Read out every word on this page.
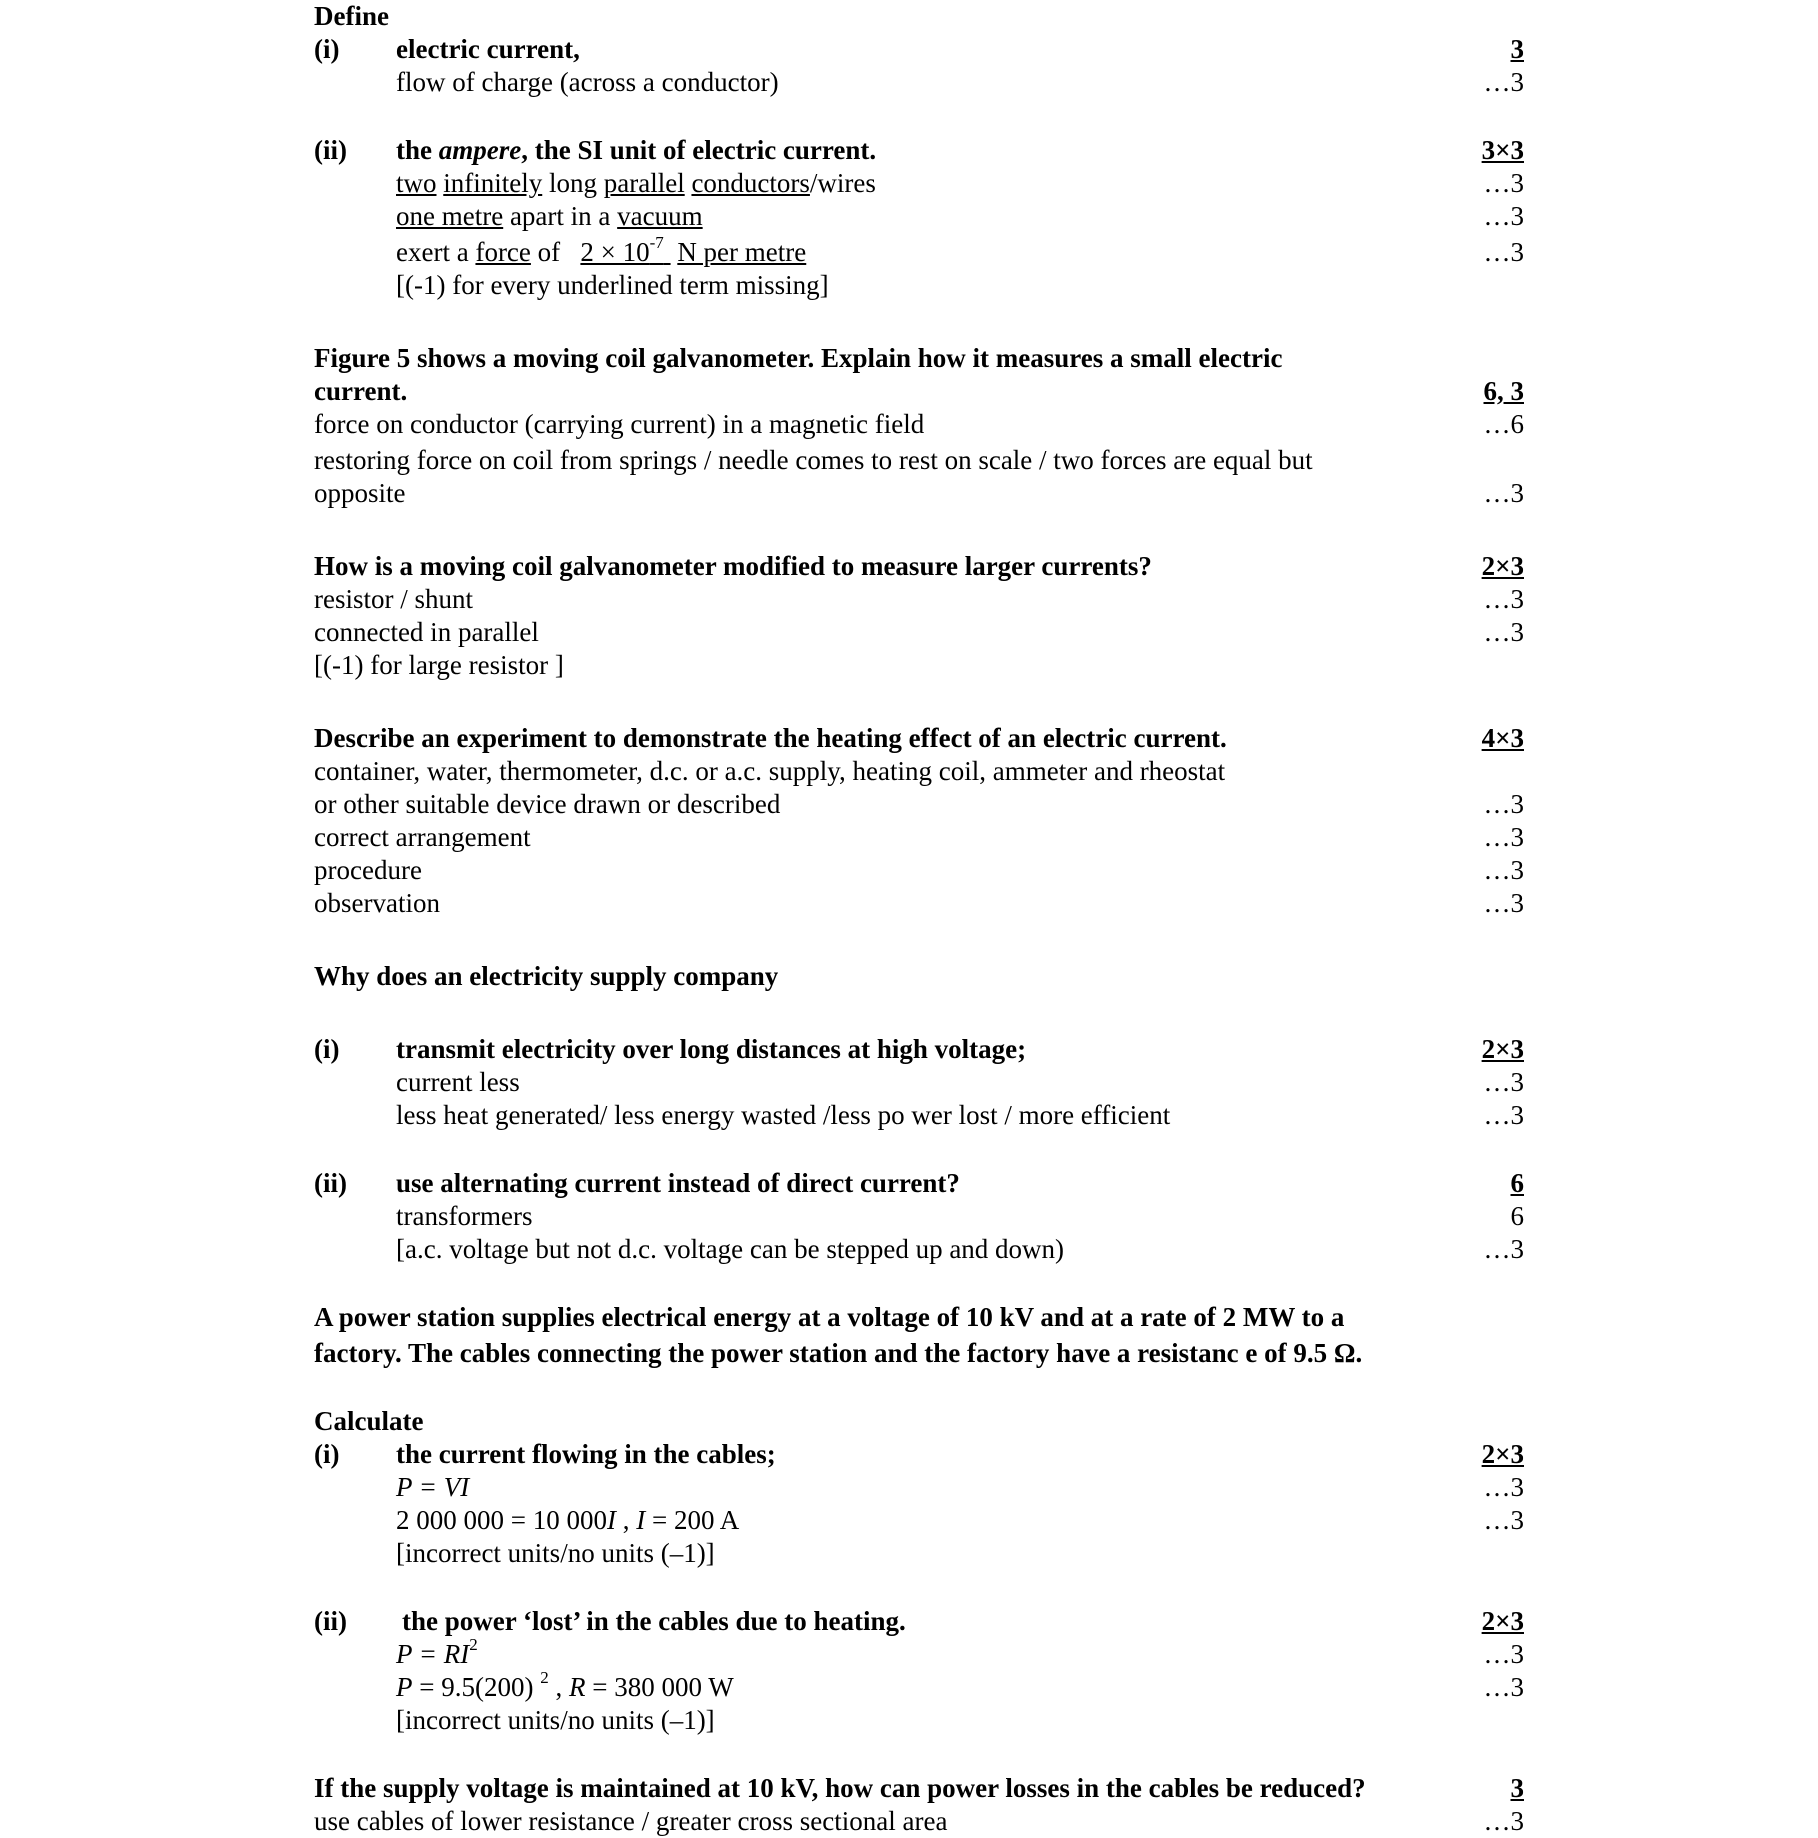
Define
(i) electric current,	3
flow of charge (across a conductor)	…3
(ii) the ampere, the SI unit of electric current.	3×3
two infinitely long parallel conductors/wires	…3
one metre apart in a vacuum	…3
exert a force of $2 \times 10^{-7}$ N per metre	…3
[(-1) for every underlined term missing]
Figure 5 shows a moving coil galvanometer. Explain how it measures a small electric
current.	6, 3
force on conductor (carrying current) in a magnetic field	…6
restoring force on coil from springs / needle comes to rest on scale / two forces are equal but
opposite	…3
How is a moving coil galvanometer modified to measure larger currents?	2×3
resistor / shunt	…3
connected in parallel	…3
[(-1) for large resistor ]
Describe an experiment to demonstrate the heating effect of an electric current.	4×3
container, water, thermometer, d.c. or a.c. supply, heating coil, ammeter and rheostat
or other suitable device drawn or described	…3
correct arrangement	…3
procedure	…3
observation	…3
Why does an electricity supply company
(i) transmit electricity over long distances at high voltage;	2×3
current less	…3
less heat generated/ less energy wasted /less po wer lost / more efficient	…3
(ii) use alternating current instead of direct current?	6
transformers	6
[a.c. voltage but not d.c. voltage can be stepped up and down)	…3
A power station supplies electrical energy at a voltage of 10 kV and at a rate of 2 MW to a
factory. The cables connecting the power station and the factory have a resistanc e of 9.5 Ω.
Calculate
(i) the current flowing in the cables;	2×3
P = VI	…3
2 000 000 = 10 000I , I = 200 A	…3
[incorrect units/no units (–1)]
(ii) the power ‘lost’ in the cables due to heating.	2×3
$P = RI^2$	…3
P = 9.5(200) $^2$ , R = 380 000 W	…3
[incorrect units/no units (–1)]
If the supply voltage is maintained at 10 kV, how can power losses in the cables be reduced?	3
use cables of lower resistance / greater cross sectional area	…3
